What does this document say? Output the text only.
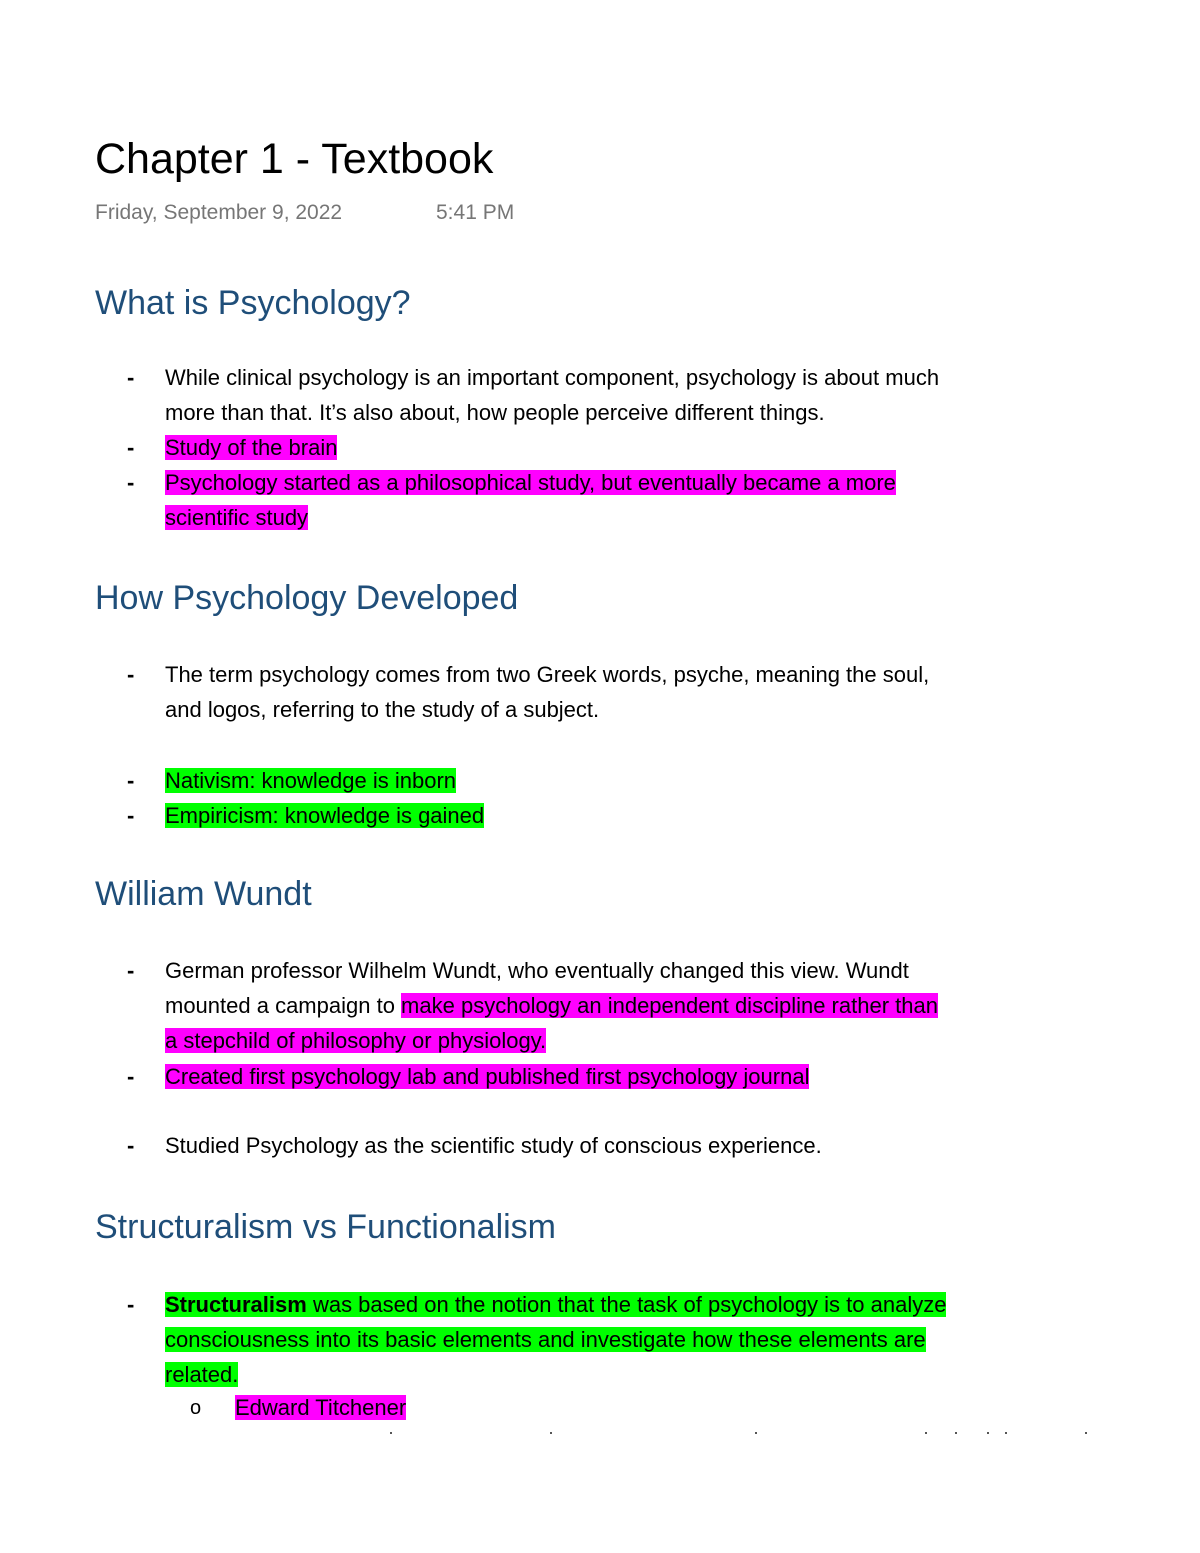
Chapter 1 - Textbook
Friday, September 9, 2022	5:41 PM
What is Psychology?
- While clinical psychology is an important component, psychology is about much
more than that. It’s also about, how people perceive different things.
- Study of the brain
- Psychology started as a philosophical study, but eventually became a more
scientific study
How Psychology Developed
- The term psychology comes from two Greek words, psyche, meaning the soul,
and logos, referring to the study of a subject.
- Nativism: knowledge is inborn
- Empiricism: knowledge is gained
William Wundt
- German professor Wilhelm Wundt, who eventually changed this view. Wundt
mounted a campaign to make psychology an independent discipline rather than
a stepchild of philosophy or physiology.
- Created first psychology lab and published first psychology journal
- Studied Psychology as the scientific study of conscious experience.
Structuralism vs Functionalism
- Structuralism was based on the notion that the task of psychology is to analyze
consciousness into its basic elements and investigate how these elements are
related.
o Edward Titchener
